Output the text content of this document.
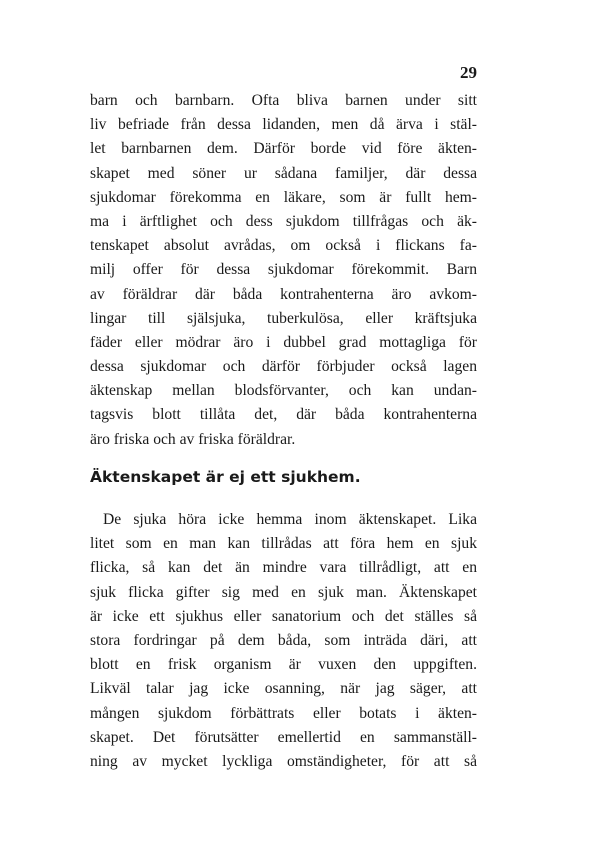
29
barn och barnbarn. Ofta bliva barnen under sitt
liv befriade från dessa lidanden, men då ärva i stäl-
let barnbarnen dem. Därför borde vid före äkten-
skapet med söner ur sådana familjer, där dessa
sjukdomar förekomma en läkare, som är fullt hem-
ma i ärftlighet och dess sjukdom tillfrågas och äk-
tenskapet absolut avrådas, om också i flickans fa-
milj offer för dessa sjukdomar förekommit. Barn
av föräldrar där båda kontrahenterna äro avkom-
lingar till själsjuka, tuberkulösa, eller kräftsjuka
fäder eller mödrar äro i dubbel grad mottagliga för
dessa sjukdomar och därför förbjuder också lagen
äktenskap mellan blodsförvanter, och kan undan-
tagsvis blott tillåta det, där båda kontrahenterna
äro friska och av friska föräldrar.
Äktenskapet är ej ett sjukhem.
De sjuka höra icke hemma inom äktenskapet. Lika
litet som en man kan tillrådas att föra hem en sjuk
flicka, så kan det än mindre vara tillrådligt, att en
sjuk flicka gifter sig med en sjuk man. Äktenskapet
är icke ett sjukhus eller sanatorium och det ställes så
stora fordringar på dem båda, som inträda däri, att
blott en frisk organism är vuxen den uppgiften.
Likväl talar jag icke osanning, när jag säger, att
mången sjukdom förbättrats eller botats i äkten-
skapet. Det förutsätter emellertid en sammanställ-
ning av mycket lyckliga omständigheter, för att så
